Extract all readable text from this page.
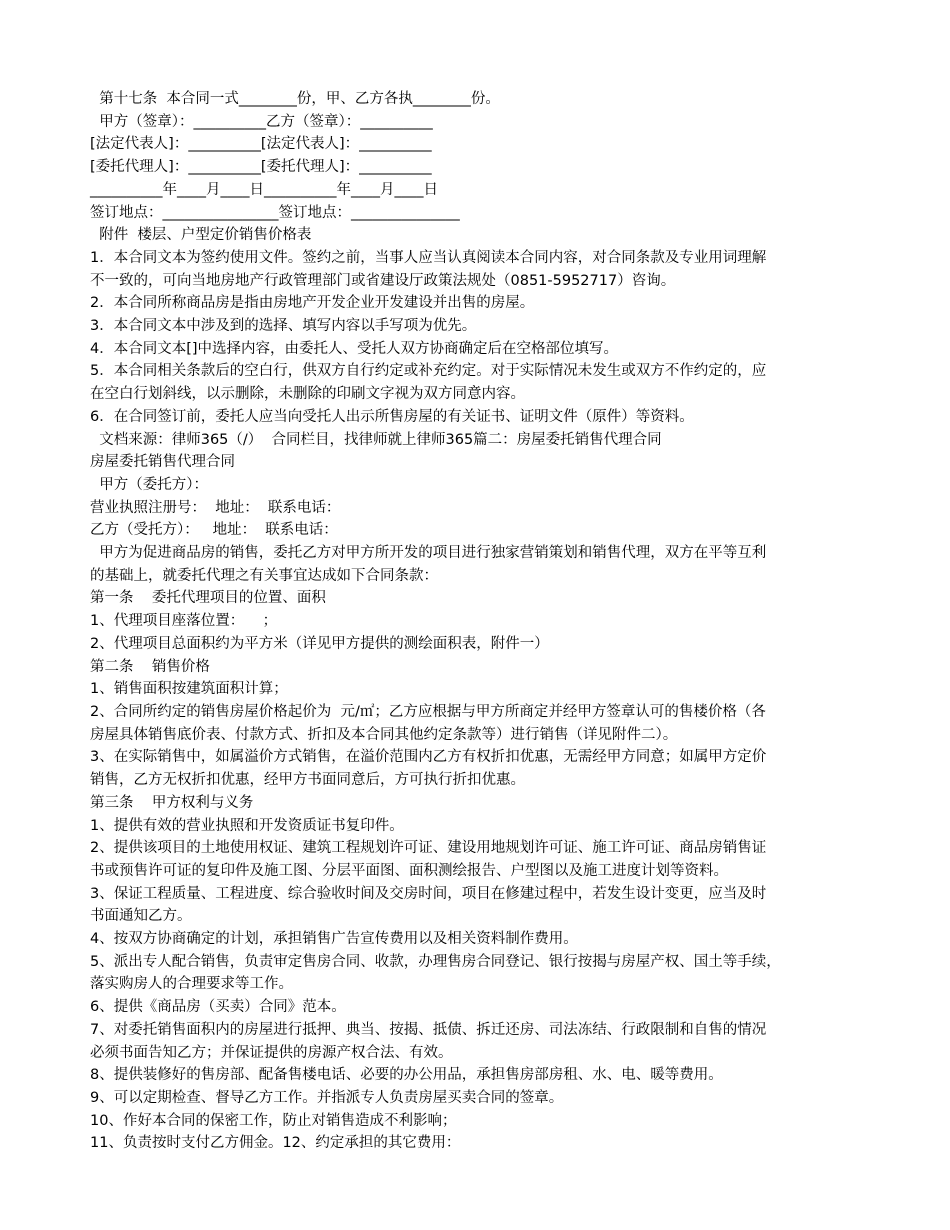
第十七条  本合同一式________份，甲、乙方各执________份。

甲方（签章）：__________乙方（签章）：__________

[法定代表人]：__________[法定代表人]：__________

[委托代理人]：__________[委托代理人]：__________

__________年____月____日__________年____月____日

签订地点：________________签订地点：_______________

附件  楼层、户型定价销售价格表

1．本合同文本为签约使用文件。签约之前，当事人应当认真阅读本合同内容，对合同条款及专业用词理解

不一致的，可向当地房地产行政管理部门或省建设厅政策法规处（0851-5952717）咨询。

2．本合同所称商品房是指由房地产开发企业开发建设并出售的房屋。

3．本合同文本中涉及到的选择、填写内容以手写项为优先。

4．本合同文本[]中选择内容，由委托人、受托人双方协商确定后在空格部位填写。

5．本合同相关条款后的空白行，供双方自行约定或补充约定。对于实际情况未发生或双方不作约定的，应

在空白行划斜线，以示删除，未删除的印刷文字视为双方同意内容。

6．在合同签订前，委托人应当向受托人出示所售房屋的有关证书、证明文件（原件）等资料。

文档来源：律师365（/）  合同栏目，找律师就上律师365篇二：房屋委托销售代理合同

房屋委托销售代理合同

甲方（委托方）：

营业执照注册号：  地址：  联系电话：

乙方（受托方）：   地址：  联系电话：

甲方为促进商品房的销售，委托乙方对甲方所开发的项目进行独家营销策划和销售代理，双方在平等互利

的基础上，就委托代理之有关事宜达成如下合同条款：

第一条    委托代理项目的位置、面积

1、代理项目座落位置：    ；

2、代理项目总面积约为平方米（详见甲方提供的测绘面积表，附件一）

第二条    销售价格

1、销售面积按建筑面积计算；

2、合同所约定的销售房屋价格起价为  元/㎡；乙方应根据与甲方所商定并经甲方签章认可的售楼价格（各

房屋具体销售底价表、付款方式、折扣及本合同其他约定条款等）进行销售（详见附件二）。

3、在实际销售中，如属溢价方式销售，在溢价范围内乙方有权折扣优惠，无需经甲方同意；如属甲方定价

销售，乙方无权折扣优惠，经甲方书面同意后，方可执行折扣优惠。

第三条    甲方权利与义务

1、提供有效的营业执照和开发资质证书复印件。

2、提供该项目的土地使用权证、建筑工程规划许可证、建设用地规划许可证、施工许可证、商品房销售证

书或预售许可证的复印件及施工图、分层平面图、面积测绘报告、户型图以及施工进度计划等资料。

3、保证工程质量、工程进度、综合验收时间及交房时间，项目在修建过程中，若发生设计变更，应当及时

书面通知乙方。

4、按双方协商确定的计划，承担销售广告宣传费用以及相关资料制作费用。

5、派出专人配合销售，负责审定售房合同、收款，办理售房合同登记、银行按揭与房屋产权、国土等手续，

落实购房人的合理要求等工作。

6、提供《商品房（买卖）合同》范本。

7、对委托销售面积内的房屋进行抵押、典当、按揭、抵债、拆迁还房、司法冻结、行政限制和自售的情况

必须书面告知乙方；并保证提供的房源产权合法、有效。

8、提供装修好的售房部、配备售楼电话、必要的办公用品，承担售房部房租、水、电、暖等费用。

9、可以定期检查、督导乙方工作。并指派专人负责房屋买卖合同的签章。

10、作好本合同的保密工作，防止对销售造成不利影响；

11、负责按时支付乙方佣金。12、约定承担的其它费用：
